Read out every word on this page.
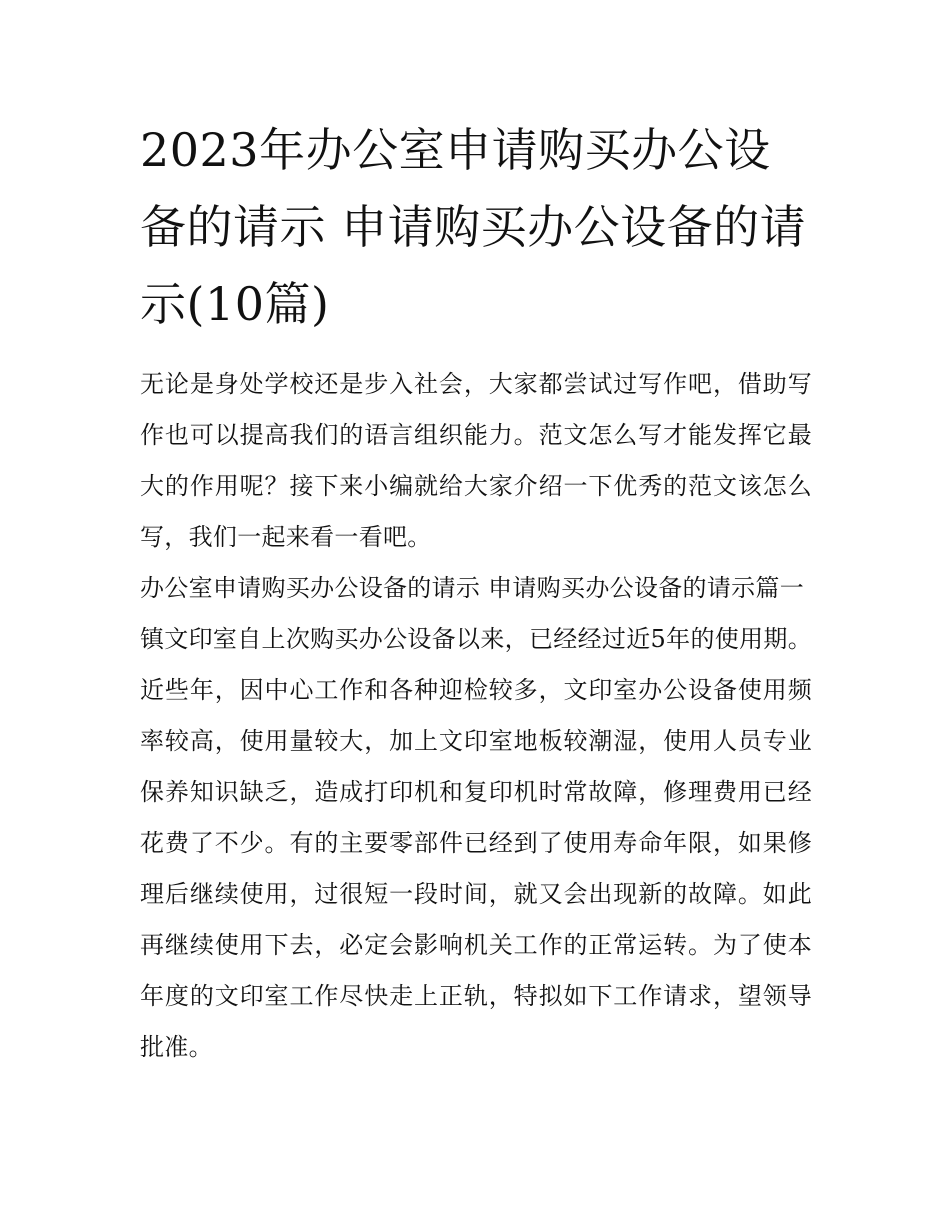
2023年办公室申请购买办公设备的请示 申请购买办公设备的请示(10篇)

无论是身处学校还是步入社会，大家都尝试过写作吧，借助写作也可以提高我们的语言组织能力。范文怎么写才能发挥它最大的作用呢？接下来小编就给大家介绍一下优秀的范文该怎么写，我们一起来看一看吧。

办公室申请购买办公设备的请示 申请购买办公设备的请示篇一

镇文印室自上次购买办公设备以来，已经经过近5年的使用期。近些年，因中心工作和各种迎检较多，文印室办公设备使用频率较高，使用量较大，加上文印室地板较潮湿，使用人员专业保养知识缺乏，造成打印机和复印机时常故障，修理费用已经花费了不少。有的主要零部件已经到了使用寿命年限，如果修理后继续使用，过很短一段时间，就又会出现新的故障。如此再继续使用下去，必定会影响机关工作的正常运转。为了使本年度的文印室工作尽快走上正轨，特拟如下工作请求，望领导批准。
